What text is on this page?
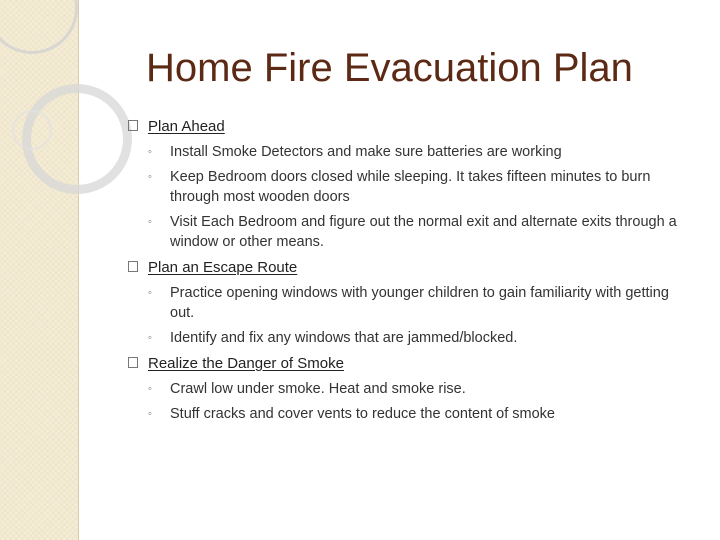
Home Fire Evacuation Plan
Plan Ahead
◦ Install Smoke Detectors and make sure batteries are working
◦ Keep Bedroom doors closed while sleeping. It takes fifteen minutes to burn through most wooden doors
◦ Visit Each Bedroom and figure out the normal exit and alternate exits through a window or other means.
Plan an Escape Route
◦ Practice opening windows with younger children to gain familiarity with getting out.
◦ Identify and fix any windows that are jammed/blocked.
Realize the Danger of Smoke
◦ Crawl low under smoke. Heat and smoke rise.
◦ Stuff cracks and cover vents to reduce the content of smoke
